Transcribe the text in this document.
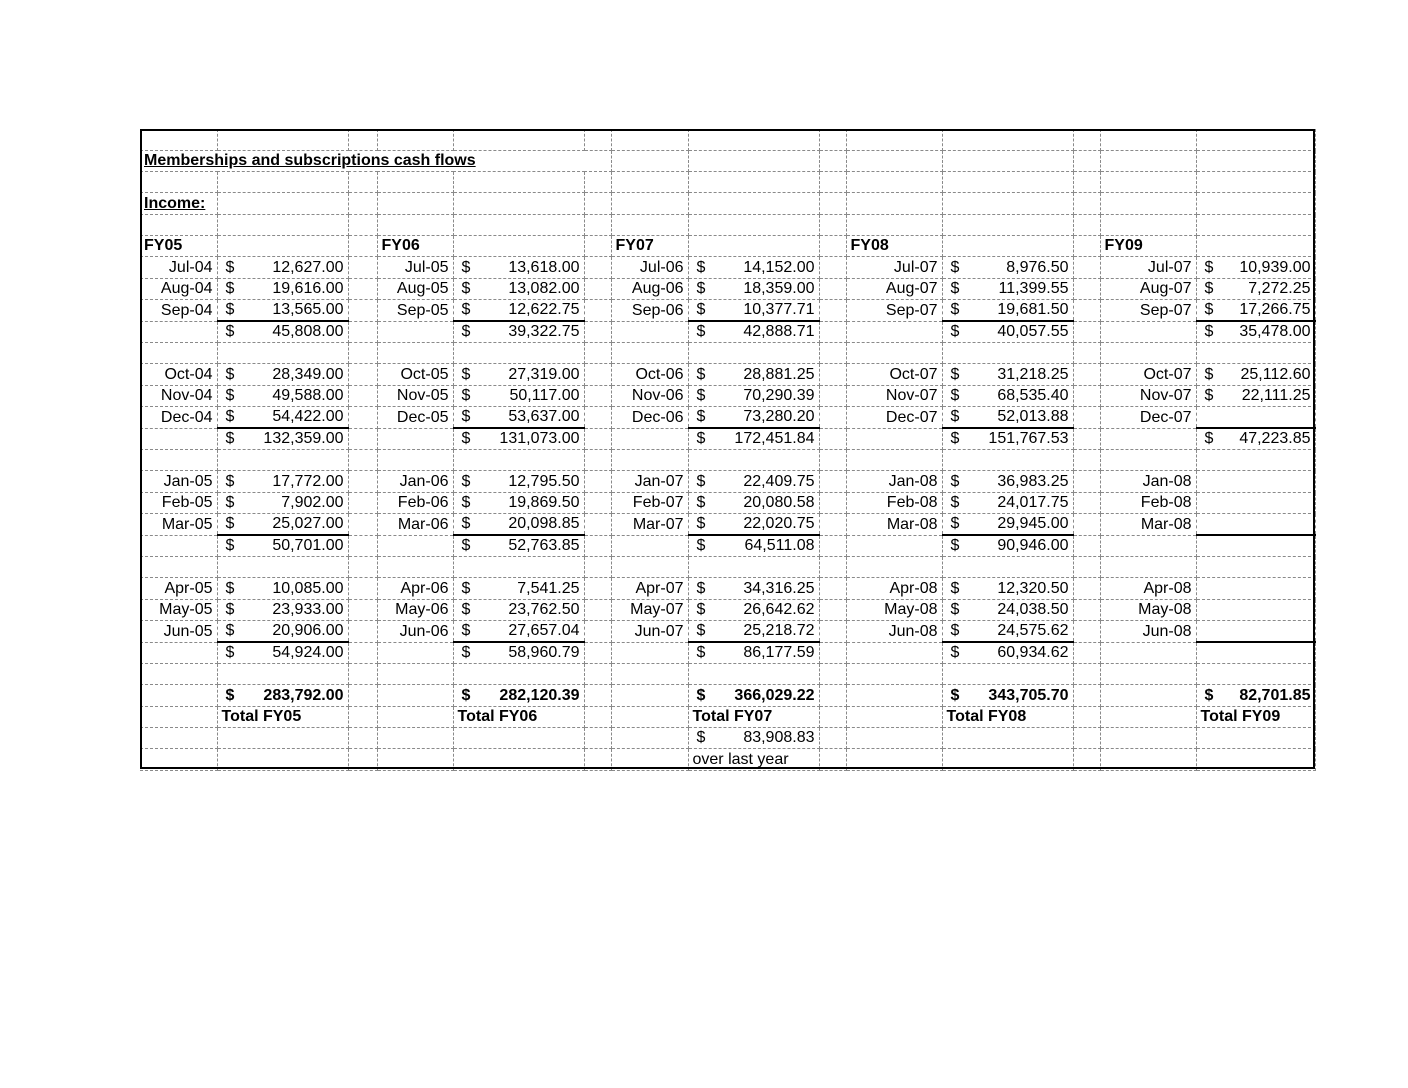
Memberships and subscriptions cash flows													

Income:													

FY05			FY06			FY07			FY08			FY09	
Jul-04	$ 12,627.00		Jul-05	$ 13,618.00		Jul-06	$ 14,152.00		Jul-07	$ 8,976.50		Jul-07	$ 10,939.00

Aug-04	$ 19,616.00		Aug-05	$ 13,082.00		Aug-06	$ 18,359.00		Aug-07	$ 11,399.55		Aug-07	$ 7,272.25

Sep-04	$ 13,565.00		Sep-05	$ 12,622.75		Sep-06	$ 10,377.71		Sep-07	$ 19,681.50		Sep-07	$ 17,266.75

	$ 45,808.00			$ 39,322.75			$ 42,888.71			$ 40,057.55			$ 35,478.00

Oct-04	$ 28,349.00		Oct-05	$ 27,319.00		Oct-06	$ 28,881.25		Oct-07	$ 31,218.25		Oct-07	$ 25,112.60

Nov-04	$ 49,588.00		Nov-05	$ 50,117.00		Nov-06	$ 70,290.39		Nov-07	$ 68,535.40		Nov-07	$ 22,111.25

Dec-04	$ 54,422.00		Dec-05	$ 53,637.00		Dec-06	$ 73,280.20		Dec-07	$ 52,013.88		Dec-07	

	$ 132,359.00			$ 131,073.00			$ 172,451.84			$ 151,767.53			$ 47,223.85

Jan-05	$ 17,772.00		Jan-06	$ 12,795.50		Jan-07	$ 22,409.75		Jan-08	$ 36,983.25		Jan-08	
Feb-05	$ 7,902.00		Feb-06	$ 19,869.50		Feb-07	$ 20,080.58		Feb-08	$ 24,017.75		Feb-08	
Mar-05	$ 25,027.00		Mar-06	$ 20,098.85		Mar-07	$ 22,020.75		Mar-08	$ 29,945.00		Mar-08	

	$ 50,701.00			$ 52,763.85			$ 64,511.08			$ 90,946.00			

Apr-05	$ 10,085.00		Apr-06	$ 7,541.25		Apr-07	$ 34,316.25		Apr-08	$ 12,320.50		Apr-08	
May-05	$ 23,933.00		May-06	$ 23,762.50		May-07	$ 26,642.62		May-08	$ 24,038.50		May-08	
Jun-05	$ 20,906.00		Jun-06	$ 27,657.04		Jun-07	$ 25,218.72		Jun-08	$ 24,575.62		Jun-08	

	$ 54,924.00			$ 58,960.79			$ 86,177.59			$ 60,934.62			

	$ 283,792.00			$ 282,120.39			$ 366,029.22			$ 343,705.70			$ 82,701.85

	Total FY05			Total FY06			Total FY07			Total FY08			Total FY09

							$ 83,908.83						

							over last year						
